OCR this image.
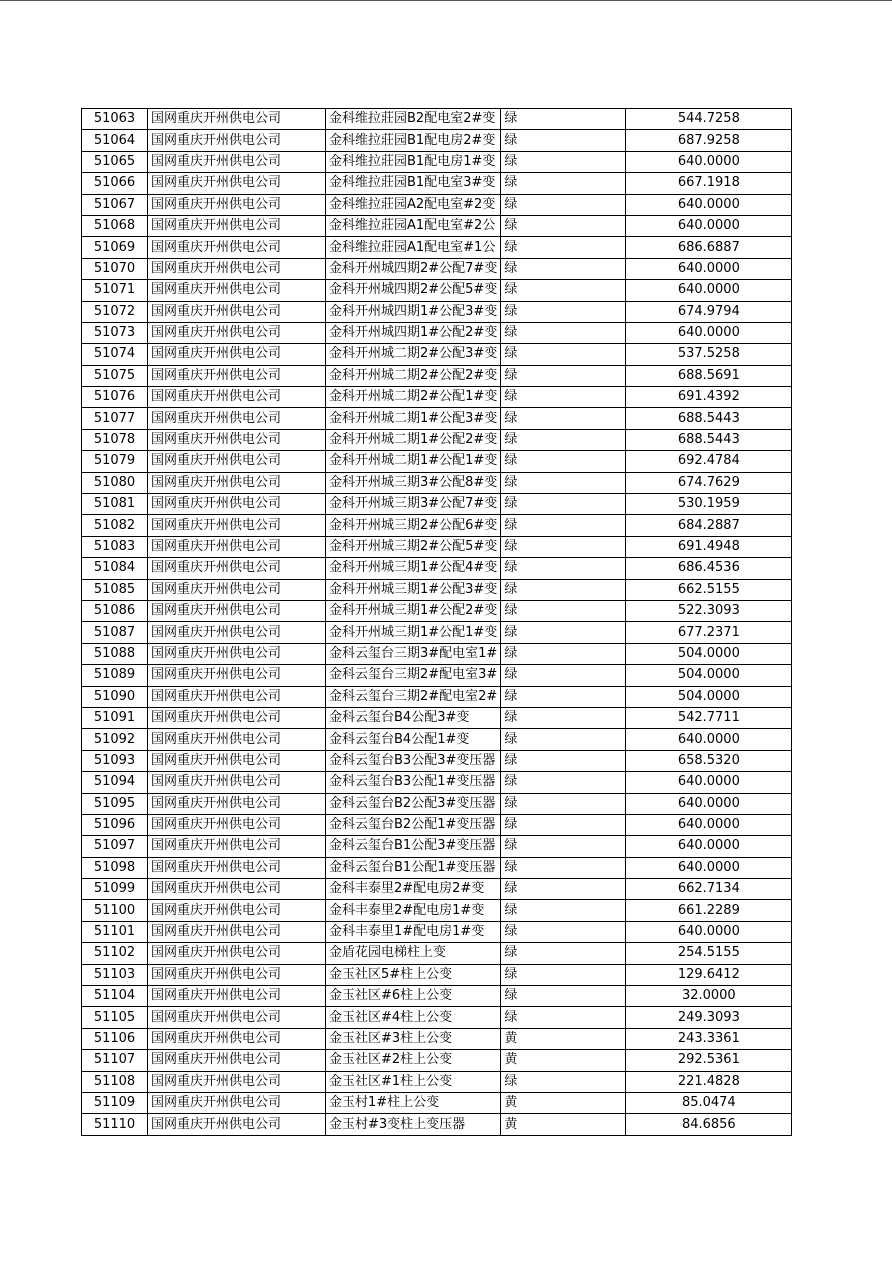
51063	国网重庆开州供电公司	金科维拉莊园B2配电室2#变	绿	544.7258
51064	国网重庆开州供电公司	金科维拉莊园B1配电房2#变	绿	687.9258
51065	国网重庆开州供电公司	金科维拉莊园B1配电房1#变	绿	640.0000
51066	国网重庆开州供电公司	金科维拉莊园B1配电室3#变	绿	667.1918
51067	国网重庆开州供电公司	金科维拉莊园A2配电室#2变	绿	640.0000
51068	国网重庆开州供电公司	金科维拉莊园A1配电室#2公	绿	640.0000
51069	国网重庆开州供电公司	金科维拉莊园A1配电室#1公	绿	686.6887
51070	国网重庆开州供电公司	金科开州城四期2#公配7#变	绿	640.0000
51071	国网重庆开州供电公司	金科开州城四期2#公配5#变	绿	640.0000
51072	国网重庆开州供电公司	金科开州城四期1#公配3#变	绿	674.9794
51073	国网重庆开州供电公司	金科开州城四期1#公配2#变	绿	640.0000
51074	国网重庆开州供电公司	金科开州城二期2#公配3#变	绿	537.5258
51075	国网重庆开州供电公司	金科开州城二期2#公配2#变	绿	688.5691
51076	国网重庆开州供电公司	金科开州城二期2#公配1#变	绿	691.4392
51077	国网重庆开州供电公司	金科开州城二期1#公配3#变	绿	688.5443
51078	国网重庆开州供电公司	金科开州城二期1#公配2#变	绿	688.5443
51079	国网重庆开州供电公司	金科开州城二期1#公配1#变	绿	692.4784
51080	国网重庆开州供电公司	金科开州城三期3#公配8#变	绿	674.7629
51081	国网重庆开州供电公司	金科开州城三期3#公配7#变	绿	530.1959
51082	国网重庆开州供电公司	金科开州城三期2#公配6#变	绿	684.2887
51083	国网重庆开州供电公司	金科开州城三期2#公配5#变	绿	691.4948
51084	国网重庆开州供电公司	金科开州城三期1#公配4#变	绿	686.4536
51085	国网重庆开州供电公司	金科开州城三期1#公配3#变	绿	662.5155
51086	国网重庆开州供电公司	金科开州城三期1#公配2#变	绿	522.3093
51087	国网重庆开州供电公司	金科开州城三期1#公配1#变	绿	677.2371
51088	国网重庆开州供电公司	金科云玺台三期3#配电室1#	绿	504.0000
51089	国网重庆开州供电公司	金科云玺台三期2#配电室3#	绿	504.0000
51090	国网重庆开州供电公司	金科云玺台三期2#配电室2#	绿	504.0000
51091	国网重庆开州供电公司	金科云玺台B4公配3#变	绿	542.7711
51092	国网重庆开州供电公司	金科云玺台B4公配1#变	绿	640.0000
51093	国网重庆开州供电公司	金科云玺台B3公配3#变压器	绿	658.5320
51094	国网重庆开州供电公司	金科云玺台B3公配1#变压器	绿	640.0000
51095	国网重庆开州供电公司	金科云玺台B2公配3#变压器	绿	640.0000
51096	国网重庆开州供电公司	金科云玺台B2公配1#变压器	绿	640.0000
51097	国网重庆开州供电公司	金科云玺台B1公配3#变压器	绿	640.0000
51098	国网重庆开州供电公司	金科云玺台B1公配1#变压器	绿	640.0000
51099	国网重庆开州供电公司	金科丰泰里2#配电房2#变	绿	662.7134
51100	国网重庆开州供电公司	金科丰泰里2#配电房1#变	绿	661.2289
51101	国网重庆开州供电公司	金科丰泰里1#配电房1#变	绿	640.0000
51102	国网重庆开州供电公司	金盾花园电梯柱上变	绿	254.5155
51103	国网重庆开州供电公司	金玉社区5#柱上公变	绿	129.6412
51104	国网重庆开州供电公司	金玉社区#6柱上公变	绿	32.0000
51105	国网重庆开州供电公司	金玉社区#4柱上公变	绿	249.3093
51106	国网重庆开州供电公司	金玉社区#3柱上公变	黄	243.3361
51107	国网重庆开州供电公司	金玉社区#2柱上公变	黄	292.5361
51108	国网重庆开州供电公司	金玉社区#1柱上公变	绿	221.4828
51109	国网重庆开州供电公司	金玉村1#柱上公变	黄	85.0474
51110	国网重庆开州供电公司	金玉村#3变柱上变压器	黄	84.6856
